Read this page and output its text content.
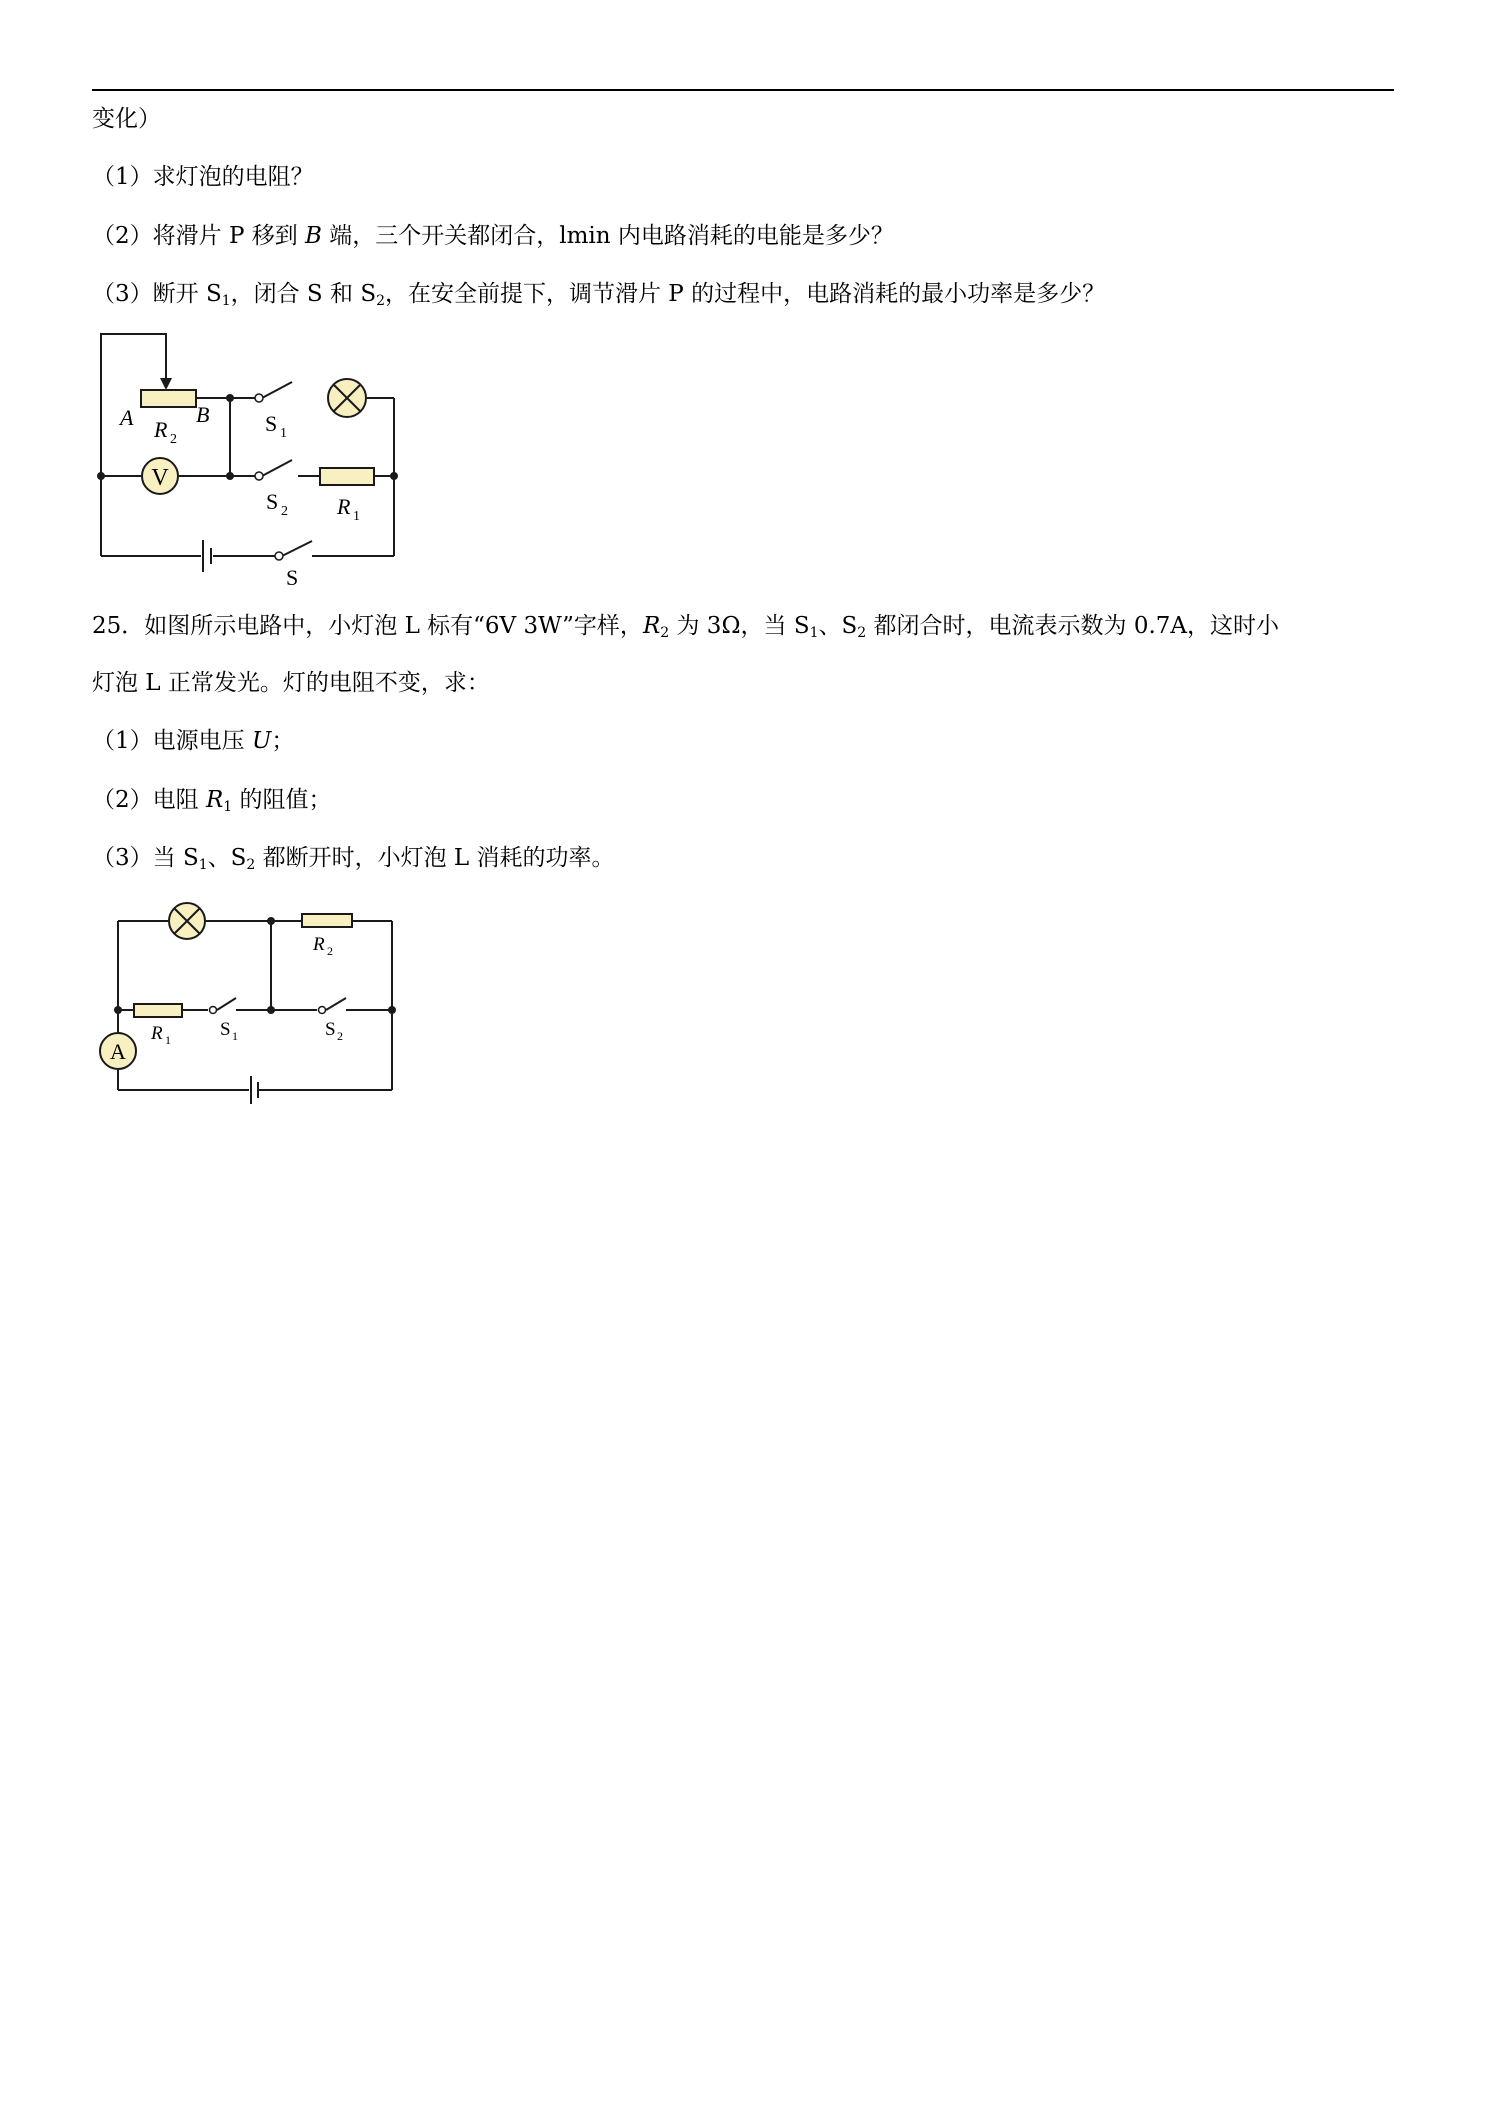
变化）
（1）求灯泡的电阻？
（2）将滑片 P 移到 B 端，三个开关都闭合，lmin 内电路消耗的电能是多少？
（3）断开 $S_1$，闭合 S 和 $S_2$，在安全前提下，调节滑片 P 的过程中，电路消耗的最小功率是多少？
V
A	B
R 2
S 1
S 2 R 1
S
25．如图所示电路中，小灯泡 L 标有“6V 3W”字样，$R_2$ 为 3Ω，当 $S_1$、$S_2$ 都闭合时，电流表示数为 0.7A，这时小
灯泡 L 正常发光。灯的电阻不变，求：
（1）电源电压 U；
（2）电阻 $R_1$ 的阻值；
（3）当 $S_1$、$S_2$ 都断开时，小灯泡 L 消耗的功率。
A
R 2
R 1	S 1	S 2
